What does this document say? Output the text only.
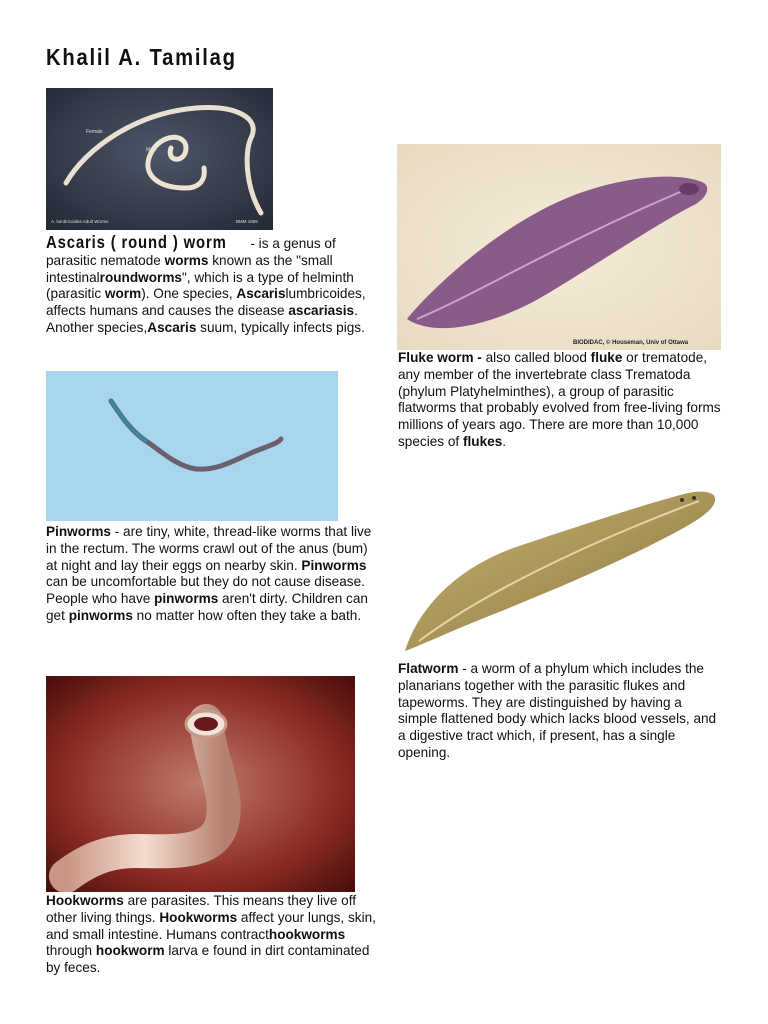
Khalil A. Tamilag
Female
Male
A. lumbricoides Adult Worms	BMM 1999
Ascaris ( round ) worm - is a genus of parasitic nematode worms known as the "small intestinalroundworms", which is a type of helminth (parasitic worm). One species, Ascarislumbricoides, affects humans and causes the disease ascariasis. Another species,Ascaris suum, typically infects pigs.
Pinworms - are tiny, white, thread-like worms that live in the rectum. The worms crawl out of the anus (bum) at night and lay their eggs on nearby skin. Pinworms can be uncomfortable but they do not cause disease. People who have pinworms aren't dirty. Children can get pinworms no matter how often they take a bath.
Hookworms are parasites. This means they live off other living things. Hookworms affect your lungs, skin, and small intestine. Humans contracthookworms through hookworm larva e found in dirt contaminated by feces.
BIODIDAC, © Houseman, Univ of Ottawa
Fluke worm - also called blood fluke or trematode, any member of the invertebrate class Trematoda (phylum Platyhelminthes), a group of parasitic flatworms that probably evolved from free-living forms millions of years ago. There are more than 10,000 species of flukes.
Flatworm - a worm of a phylum which includes the planarians together with the parasitic flukes and tapeworms. They are distinguished by having a simple flattened body which lacks blood vessels, and a digestive tract which, if present, has a single opening.
